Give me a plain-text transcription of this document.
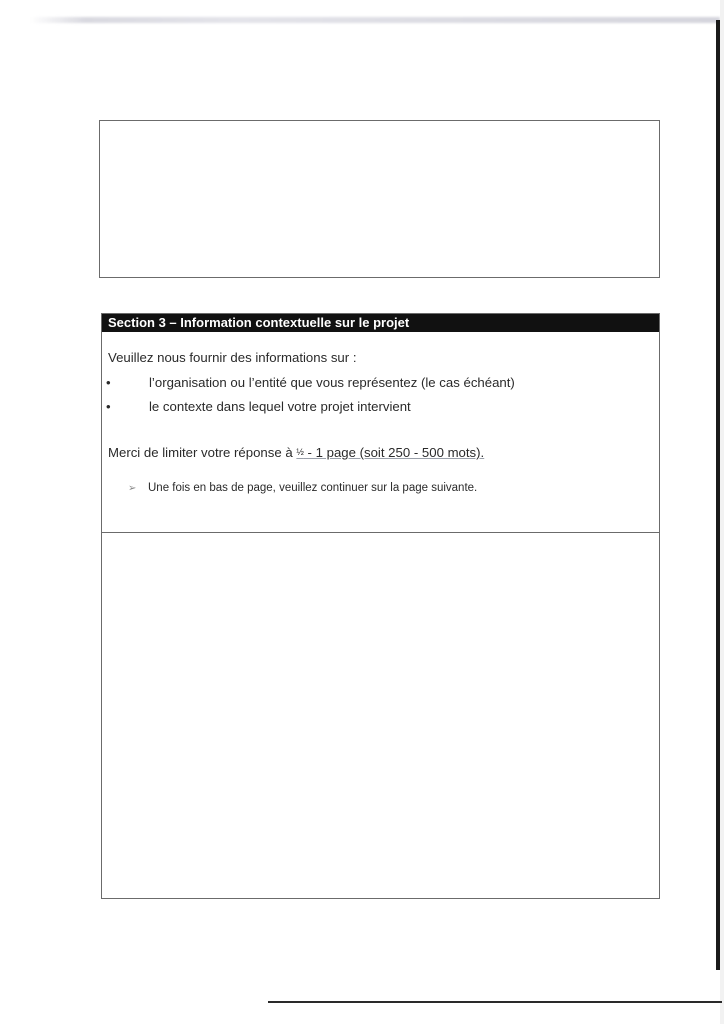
Section 3 – Information contextuelle sur le projet
Veuillez nous fournir des informations sur :
•	l’organisation ou l’entité que vous représentez (le cas échéant)
•	le contexte dans lequel votre projet intervient
Merci de limiter votre réponse à ½ - 1 page (soit 250 - 500 mots).
➢ Une fois en bas de page, veuillez continuer sur la page suivante.
